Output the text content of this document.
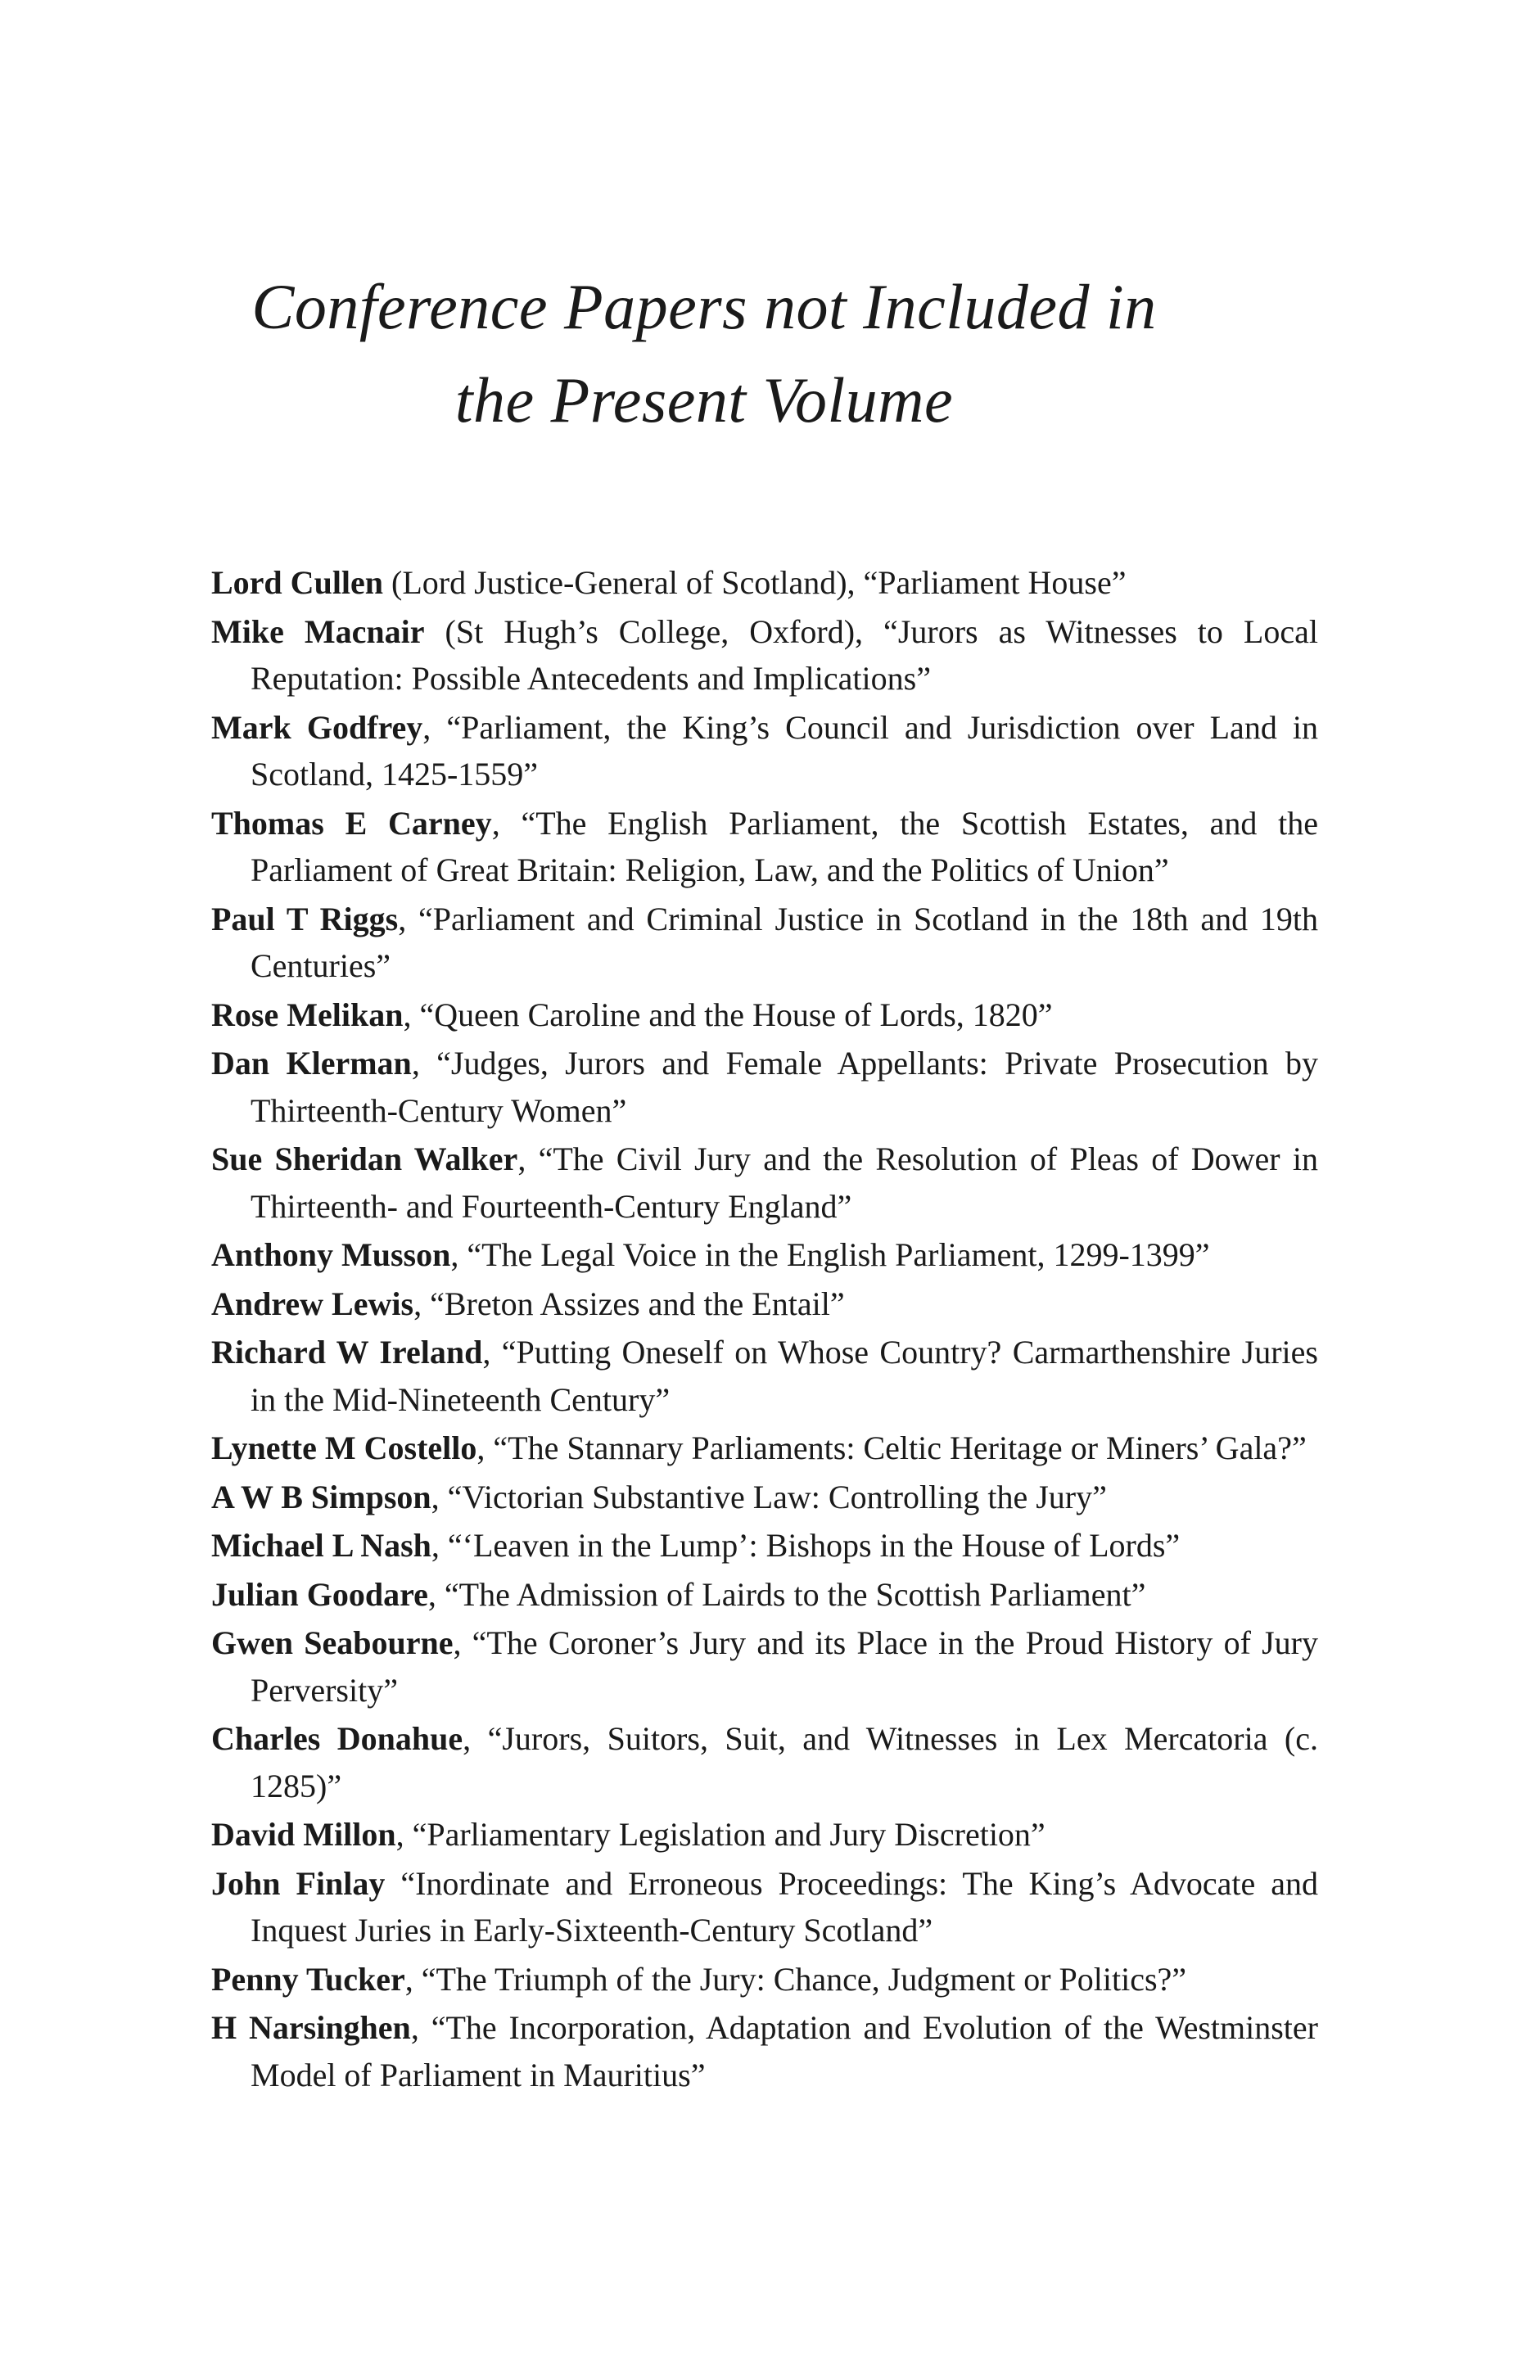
Conference Papers not Included in
the Present Volume
Lord Cullen (Lord Justice-General of Scotland), “Parliament House”
Mike Macnair (St Hugh’s College, Oxford), “Jurors as Witnesses to Local Reputation: Possible Antecedents and Implications”
Mark Godfrey, “Parliament, the King’s Council and Jurisdiction over Land in Scotland, 1425-1559”
Thomas E Carney, “The English Parliament, the Scottish Estates, and the Parliament of Great Britain: Religion, Law, and the Politics of Union”
Paul T Riggs, “Parliament and Criminal Justice in Scotland in the 18th and 19th Centuries”
Rose Melikan, “Queen Caroline and the House of Lords, 1820”
Dan Klerman, “Judges, Jurors and Female Appellants: Private Prosecution by Thirteenth-Century Women”
Sue Sheridan Walker, “The Civil Jury and the Resolution of Pleas of Dower in Thirteenth- and Fourteenth-Century England”
Anthony Musson, “The Legal Voice in the English Parliament, 1299-1399”
Andrew Lewis, “Breton Assizes and the Entail”
Richard W Ireland, “Putting Oneself on Whose Country? Carmarthenshire Juries in the Mid-Nineteenth Century”
Lynette M Costello, “The Stannary Parliaments: Celtic Heritage or Miners’ Gala?”
A W B Simpson, “Victorian Substantive Law: Controlling the Jury”
Michael L Nash, “‘Leaven in the Lump’: Bishops in the House of Lords”
Julian Goodare, “The Admission of Lairds to the Scottish Parliament”
Gwen Seabourne, “The Coroner’s Jury and its Place in the Proud History of Jury Perversity”
Charles Donahue, “Jurors, Suitors, Suit, and Witnesses in Lex Mercatoria (c. 1285)”
David Millon, “Parliamentary Legislation and Jury Discretion”
John Finlay “Inordinate and Erroneous Proceedings: The King’s Advocate and Inquest Juries in Early-Sixteenth-Century Scotland”
Penny Tucker, “The Triumph of the Jury: Chance, Judgment or Politics?”
H Narsinghen, “The Incorporation, Adaptation and Evolution of the Westminster Model of Parliament in Mauritius”
